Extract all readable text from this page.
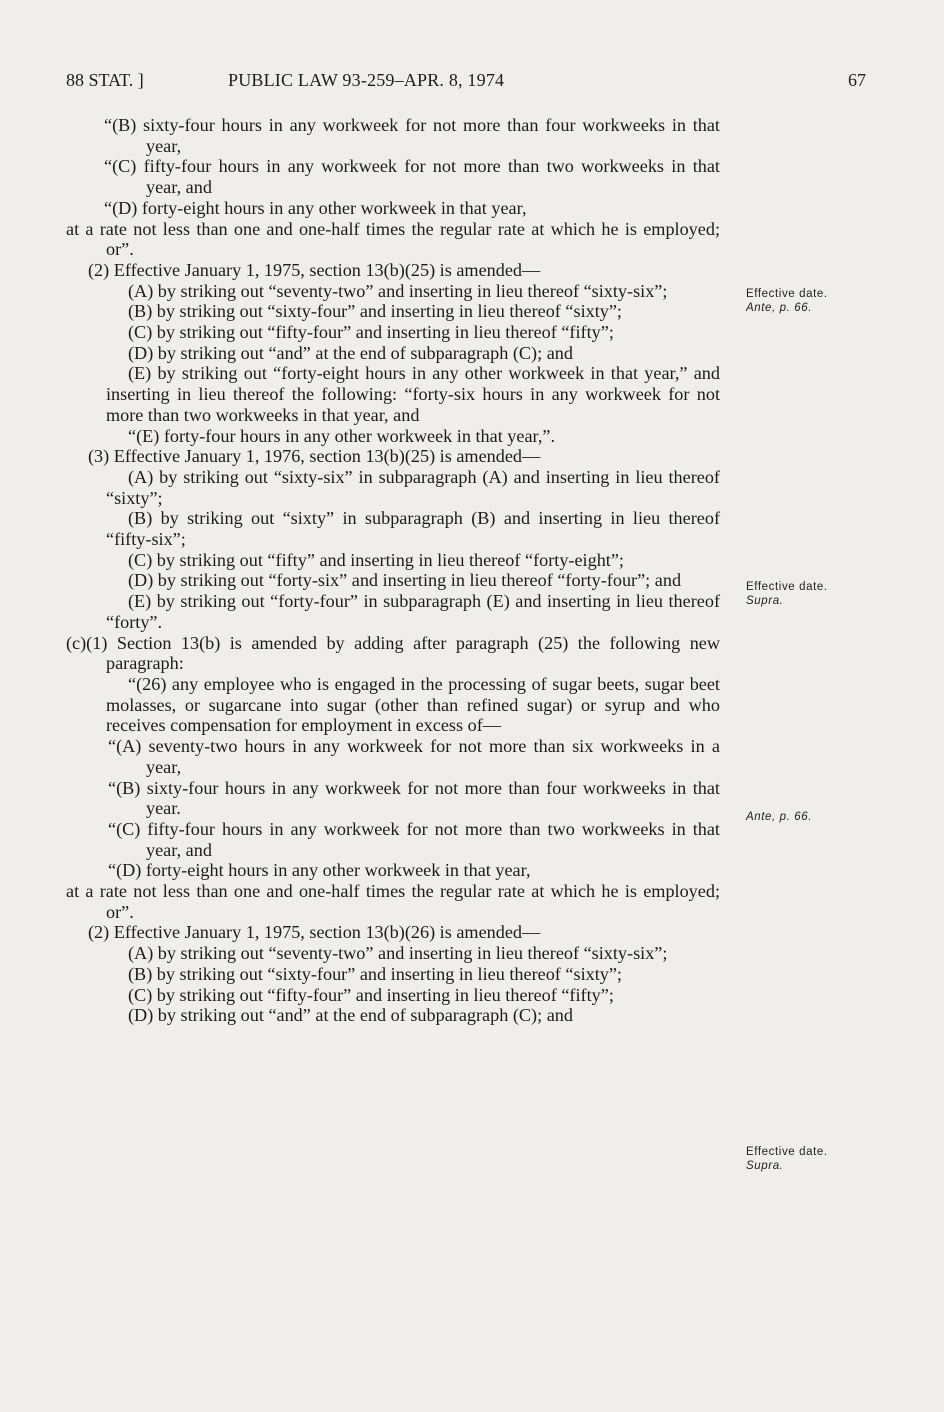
88 STAT. ]	PUBLIC LAW 93-259–APR. 8, 1974	67

“(B) sixty-four hours in any workweek for not more than four workweeks in that year,

“(C) fifty-four hours in any workweek for not more than two workweeks in that year, and

“(D) forty-eight hours in any other workweek in that year,

at a rate not less than one and one-half times the regular rate at which he is employed; or”.

(2) Effective January 1, 1975, section 13(b)(25) is amended—

(A) by striking out “seventy-two” and inserting in lieu thereof “sixty-six”;

(B) by striking out “sixty-four” and inserting in lieu thereof “sixty”;

(C) by striking out “fifty-four” and inserting in lieu thereof “fifty”;

(D) by striking out “and” at the end of subparagraph (C); and

(E) by striking out “forty-eight hours in any other workweek in that year,” and inserting in lieu thereof the following: “forty-six hours in any workweek for not more than two workweeks in that year, and

“(E) forty-four hours in any other workweek in that year,”.

(3) Effective January 1, 1976, section 13(b)(25) is amended—

(A) by striking out “sixty-six” in subparagraph (A) and inserting in lieu thereof “sixty”;

(B) by striking out “sixty” in subparagraph (B) and inserting in lieu thereof “fifty-six”;

(C) by striking out “fifty” and inserting in lieu thereof “forty-eight”;

(D) by striking out “forty-six” and inserting in lieu thereof “forty-four”; and

(E) by striking out “forty-four” in subparagraph (E) and inserting in lieu thereof “forty”.

(c)(1) Section 13(b) is amended by adding after paragraph (25) the following new paragraph:

“(26) any employee who is engaged in the processing of sugar beets, sugar beet molasses, or sugarcane into sugar (other than refined sugar) or syrup and who receives compensation for employment in excess of—

“(A) seventy-two hours in any workweek for not more than six workweeks in a year,

“(B) sixty-four hours in any workweek for not more than four workweeks in that year.

“(C) fifty-four hours in any workweek for not more than two workweeks in that year, and

“(D) forty-eight hours in any other workweek in that year,

at a rate not less than one and one-half times the regular rate at which he is employed; or”.

(2) Effective January 1, 1975, section 13(b)(26) is amended—

(A) by striking out “seventy-two” and inserting in lieu thereof “sixty-six”;

(B) by striking out “sixty-four” and inserting in lieu thereof “sixty”;

(C) by striking out “fifty-four” and inserting in lieu thereof “fifty”;

(D) by striking out “and” at the end of subparagraph (C); and

Effective date.
Ante, p. 66.
Effective date.
Supra.
Ante, p. 66.
Effective date.
Supra.
